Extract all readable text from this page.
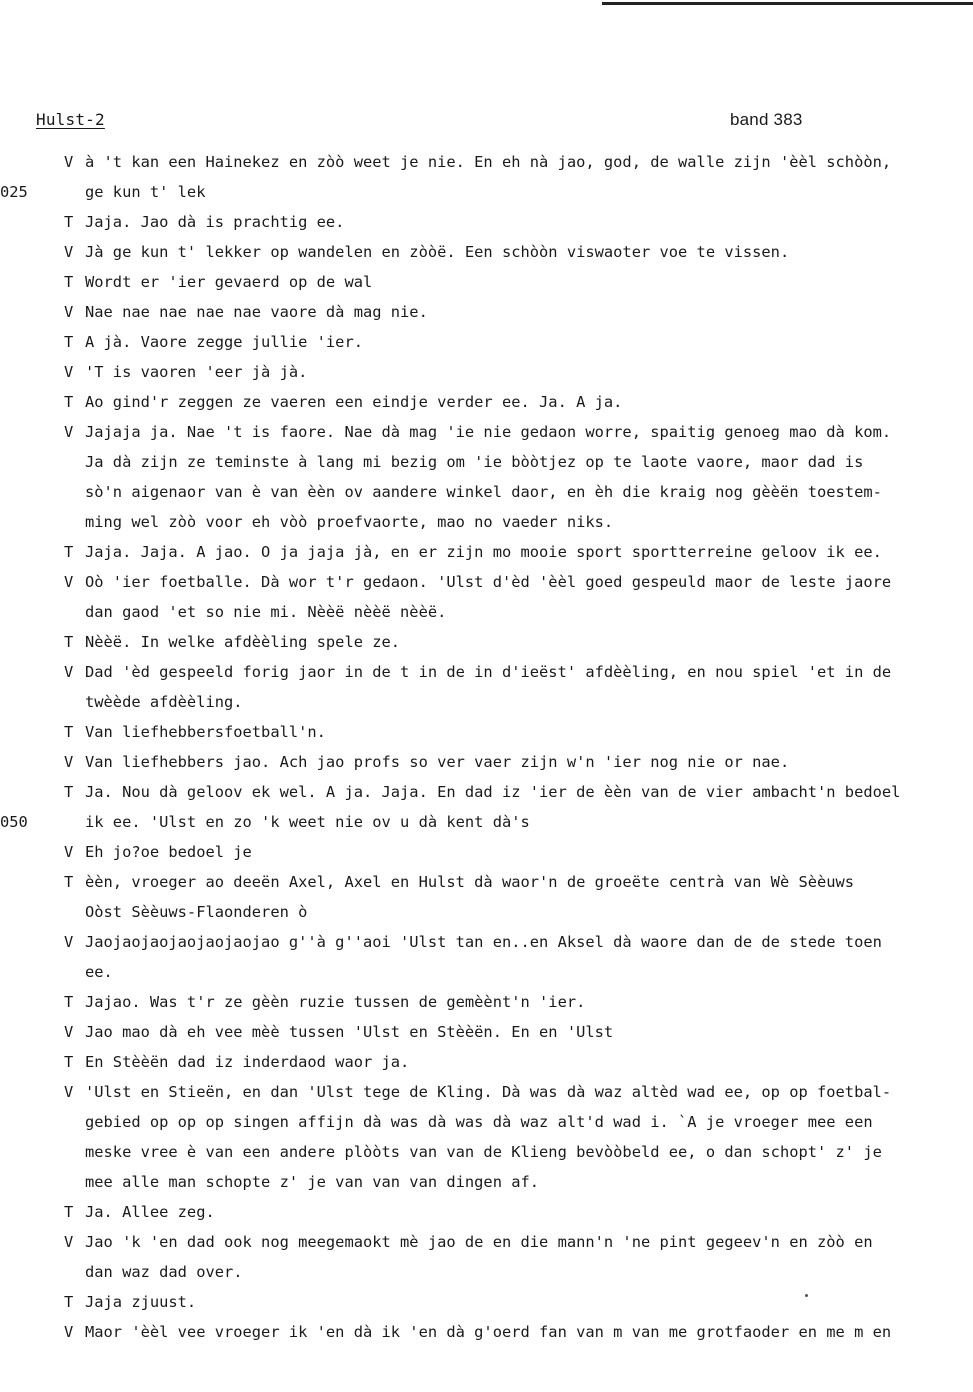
Hulst-2	band 383
V à 't kan een Hainekez en zòò weet je nie. En eh nà jao, god, de walle zijn 'èèl schòòn,
025	ge kun t' lek
T Jaja. Jao dà is prachtig ee.
V Jà ge kun t' lekker op wandelen en zòòë. Een schòòn viswaoter voe te vissen.
T Wordt er 'ier gevaerd op de wal
V Nae nae nae nae nae vaore dà mag nie.
T A jà. Vaore zegge jullie 'ier.
V 'T is vaoren 'eer jà jà.
T Ao gind'r zeggen ze vaeren een eindje verder ee. Ja. A ja.
V Jajaja ja. Nae 't is faore. Nae dà mag 'ie nie gedaon worre, spaitig genoeg mao dà kom.
Ja dà zijn ze teminste à lang mi bezig om 'ie bòòtjez op te laote vaore, maor dad is
sò'n aigenaor van è van èèn ov aandere winkel daor, en èh die kraig nog gèèën toestem-
ming wel zòò voor eh vòò proefvaorte, mao no vaeder niks.
T Jaja. Jaja. A jao. O ja jaja jà, en er zijn mo mooie sport sportterreine geloov ik ee.
V Oò 'ier foetballe. Dà wor t'r gedaon. 'Ulst d'èd 'èèl goed gespeuld maor de leste jaore
dan gaod 'et so nie mi. Nèèë nèèë nèèë.
T Nèèë. In welke afdèèling spele ze.
V Dad 'èd gespeeld forig jaor in de t in de in d'ieëst' afdèèling, en nou spiel 'et in de
twèède afdèèling.
T Van liefhebbersfoetball'n.
V Van liefhebbers jao. Ach jao profs so ver vaer zijn w'n 'ier nog nie or nae.
T Ja. Nou dà geloov ek wel. A ja. Jaja. En dad iz 'ier de èèn van de vier ambacht'n bedoel
050	ik ee. 'Ulst en zo 'k weet nie ov u dà kent dà's
V Eh jo?oe bedoel je
T èèn, vroeger ao deeën Axel, Axel en Hulst dà waor'n de groeëte centrà van Wè Sèèuws
Oòst Sèèuws-Flaonderen ò
V Jaojaojaojaojaojaojao g''à g''aoi 'Ulst tan en..en Aksel dà waore dan de de stede toen
ee.
T Jajao. Was t'r ze gèèn ruzie tussen de gemèènt'n 'ier.
V Jao mao dà eh vee mèè tussen 'Ulst en Stèèën. En en 'Ulst
T En Stèèën dad iz inderdaod waor ja.
V 'Ulst en Stieën, en dan 'Ulst tege de Kling. Dà was dà waz altèd wad ee, op op foetbal-
gebied op op op singen affijn dà was dà was dà waz alt'd wad i. `A je vroeger mee een
meske vree è van een andere plòòts van van de Klieng bevòòbeld ee, o dan schopt' z' je
mee alle man schopte z' je van van van dingen af.
T Ja. Allee zeg.
V Jao 'k 'en dad ook nog meegemaokt mè jao de en die mann'n 'ne pint gegeev'n en zòò en
dan waz dad over.
T Jaja zjuust.
V Maor 'èèl vee vroeger ik 'en dà ik 'en dà g'oerd fan van m van me grotfaoder en me m en
